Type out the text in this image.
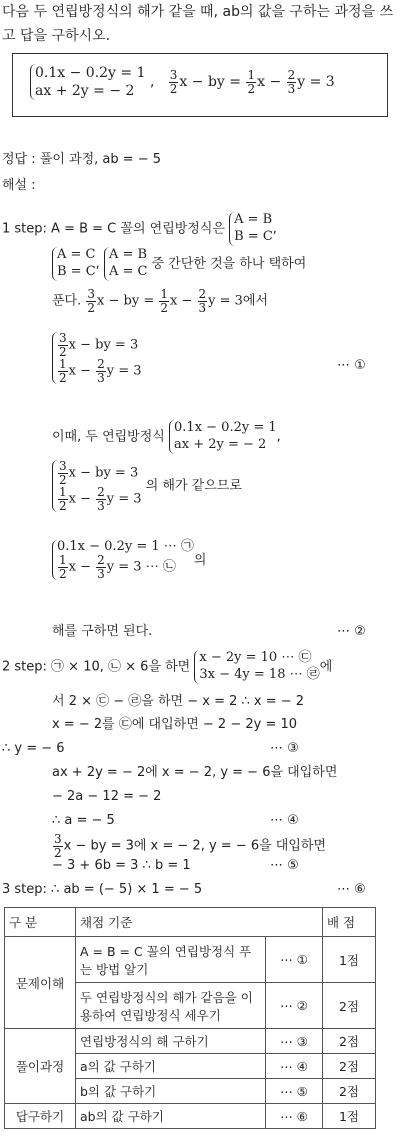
다음 두 연립방정식의 해가 같을 때, ab의 값을 구하는 과정을 쓰
고 답을 구하시오.
0.1x − 0.2y = 1
ax + 2y = − 2
, $\frac{3}{2}$ x − by = $\frac{1}{2}$ $x - \frac{2}{3}$ y = 3
정답 : 풀이 과정, ab = − 5
해설 :
1 step: A = B = C 꼴의 연립방정식은
A = B
B = C ,
A = C
B = C ,
A = B
A = C 중 간단한 것을 하나 택하여
푼다. $\frac{3}{2}$ x − by = $\frac{1}{2}$ $x - \frac{2}{3}$ y = 3에서
$\frac{3}{2}$ x − by = 3
$\frac{1}{2}$ $x - \frac{2}{3}$ y = 3	⋯ ①
이때, 두 연립방정식
0.1x − 0.2y = 1
ax + 2y = − 2 ,
$\frac{3}{2}$ x − by = 3
$\frac{1}{2}$ $x - \frac{2}{3}$ y = 3
의 해가 같으므로
0.1x − 0.2y = 1 ⋯ ㉠
$\frac{1}{2}$ $x - \frac{2}{3}$ y = 3 ⋯ ㉡	의
해를 구하면 된다.	⋯ ②
2 step: ㉠ × 10, ㉡ × 6을 하면
x − 2y = 10 ⋯ ㉢
3x − 4y = 18 ⋯ ㉣ 에
서 2 × ㉢ − ㉣을 하면 − x = 2 ∴ x = − 2
x = − 2를 ㉢에 대입하면 − 2 − 2y = 10
∴ y = − 6	⋯ ③
ax + 2y = − 2에 x = − 2, y = − 6을 대입하면
− 2a − 12 = − 2
∴ a = − 5	⋯ ④
$\frac{3}{2}$ x − by = 3에 x = − 2, y = − 6을 대입하면
− 3 + 6b = 3 ∴ b = 1	⋯ ⑤
3 step: ∴ ab = (− 5) × 1 = − 5	⋯ ⑥
구 분	채점 기준		배 점
문제이해	A = B = C 꼴의 연립방정식 푸는 방법 알기	⋯ ①	1점
	두 연립방정식의 해가 같음을 이용하여 연립방정식 세우기	⋯ ②	2점
풀이과정	연립방정식의 해 구하기	⋯ ③	2점
	a의 값 구하기	⋯ ④	2점
	b의 값 구하기	⋯ ⑤	2점
답구하기	ab의 값 구하기	⋯ ⑥	1점
